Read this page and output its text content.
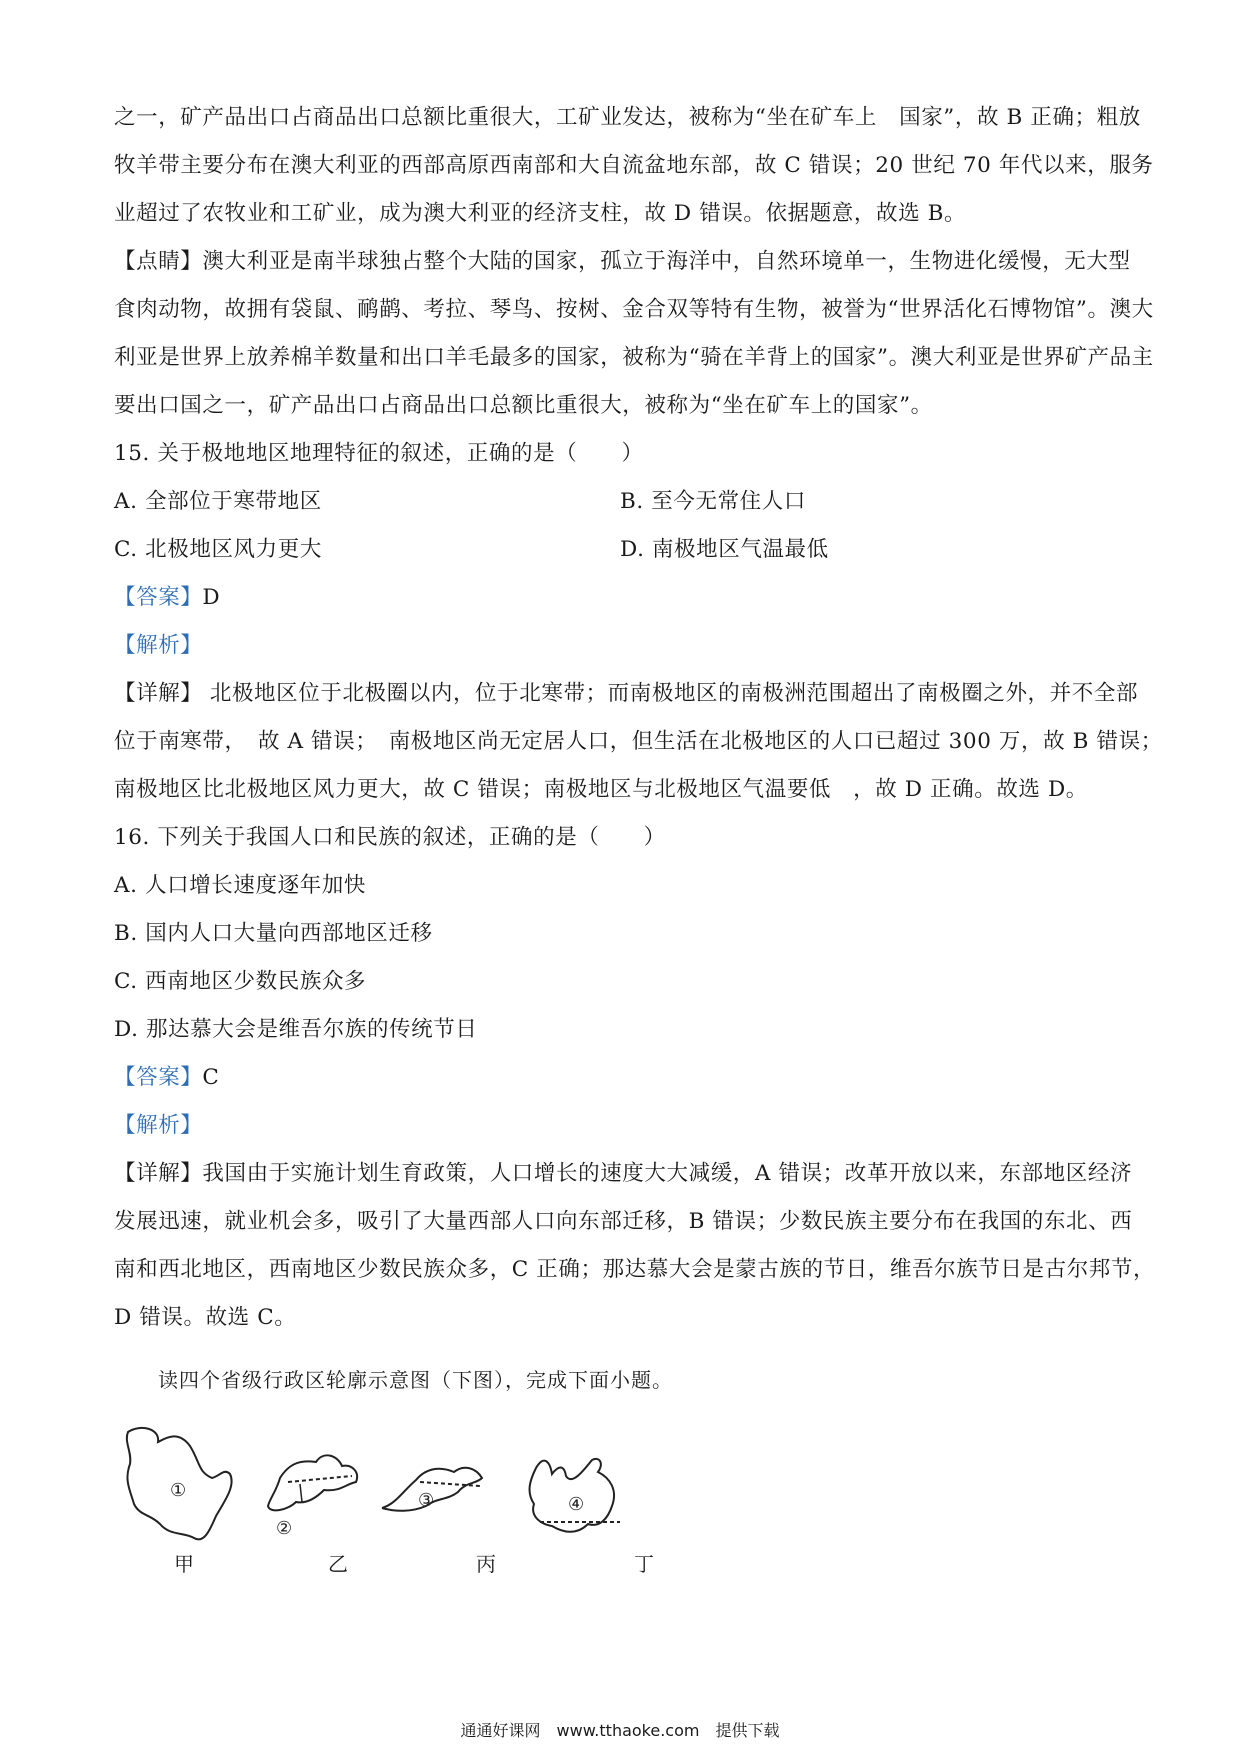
之一，矿产品出口占商品出口总额比重很大，工矿业发达，被称为“坐在矿车上　国家”，故 B 正确；粗放
牧羊带主要分布在澳大利亚的西部高原西南部和大自流盆地东部，故 C 错误；20 世纪 70 年代以来，服务
业超过了农牧业和工矿业，成为澳大利亚的经济支柱，故 D 错误。依据题意，故选 B。
【点睛】澳大利亚是南半球独占整个大陆的国家，孤立于海洋中，自然环境单一，生物进化缓慢，无大型
食肉动物，故拥有袋鼠、鸸鹋、考拉、琴鸟、按树、金合双等特有生物，被誉为“世界活化石博物馆”。澳大
利亚是世界上放养棉羊数量和出口羊毛最多的国家，被称为“骑在羊背上的国家”。澳大利亚是世界矿产品主
要出口国之一，矿产品出口占商品出口总额比重很大，被称为“坐在矿车上的国家”。
15. 关于极地地区地理特征的叙述，正确的是（　　）
A. 全部位于寒带地区	B. 至今无常住人口
C. 北极地区风力更大	D. 南极地区气温最低
【答案】D
【解析】
【详解】 北极地区位于北极圈以内，位于北寒带；而南极地区的南极洲范围超出了南极圈之外，并不全部
位于南寒带，　故 A 错误；　南极地区尚无定居人口，但生活在北极地区的人口已超过 300 万，故 B 错误；
南极地区比北极地区风力更大，故 C 错误；南极地区与北极地区气温要低　，故 D 正确。故选 D。
16. 下列关于我国人口和民族的叙述，正确的是（　　）
A. 人口增长速度逐年加快
B. 国内人口大量向西部地区迁移
C. 西南地区少数民族众多
D. 那达慕大会是维吾尔族的传统节日
【答案】C
【解析】
【详解】我国由于实施计划生育政策，人口增长的速度大大减缓，A 错误；改革开放以来，东部地区经济
发展迅速，就业机会多，吸引了大量西部人口向东部迁移，B 错误；少数民族主要分布在我国的东北、西
南和西北地区，西南地区少数民族众多，C 正确；那达慕大会是蒙古族的节日，维吾尔族节日是古尔邦节，
D 错误。故选 C。
读四个省级行政区轮廓示意图（下图），完成下面小题。
①
②
③	④
甲	乙	丙	丁
通通好课网　www.tthaoke.com　提供下载
